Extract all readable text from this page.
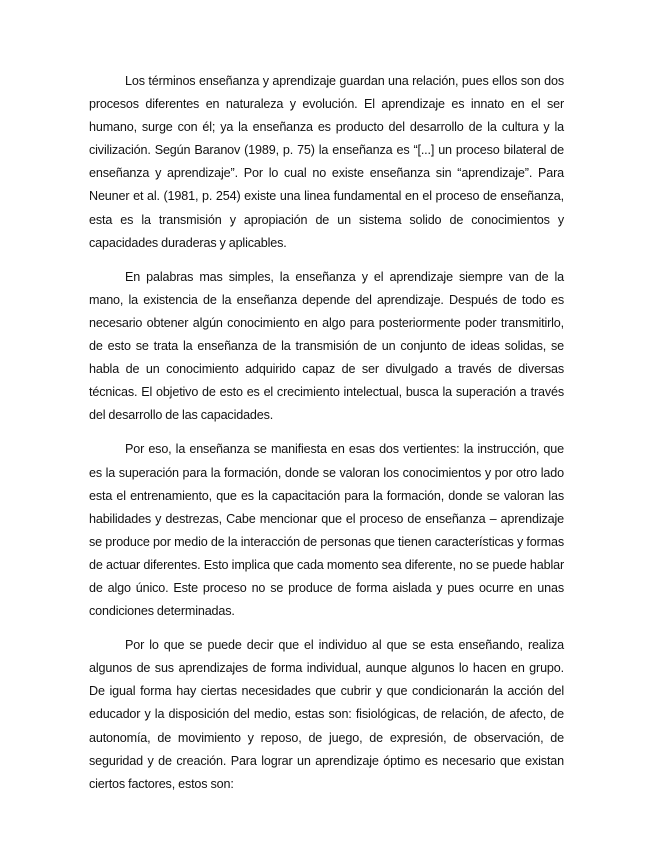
Los términos enseñanza y aprendizaje guardan una relación, pues ellos son dos procesos diferentes en naturaleza y evolución. El aprendizaje es innato en el ser humano, surge con él; ya la enseñanza es producto del desarrollo de la cultura y la civilización. Según Baranov (1989, p. 75) la enseñanza es “[...] un proceso bilateral de enseñanza y aprendizaje”. Por lo cual no existe enseñanza sin “aprendizaje”. Para Neuner et al. (1981, p. 254) existe una linea fundamental en el proceso de enseñanza, esta es la transmisión y apropiación de un sistema solido de conocimientos y capacidades duraderas y aplicables.

En palabras mas simples, la enseñanza y el aprendizaje siempre van de la mano, la existencia de la enseñanza depende del aprendizaje. Después de todo es necesario obtener algún conocimiento en algo para posteriormente poder transmitirlo, de esto se trata la enseñanza de la transmisión de un conjunto de ideas solidas, se habla de un conocimiento adquirido capaz de ser divulgado a través de diversas técnicas. El objetivo de esto es el crecimiento intelectual, busca la superación a través del desarrollo de las capacidades.

Por eso, la enseñanza se manifiesta en esas dos vertientes: la instrucción, que es la superación para la formación, donde se valoran los conocimientos y por otro lado esta el entrenamiento, que es la capacitación para la formación, donde se valoran las habilidades y destrezas, Cabe mencionar que el proceso de enseñanza – aprendizaje se produce por medio de la interacción de personas que tienen características y formas de actuar diferentes. Esto implica que cada momento sea diferente, no se puede hablar de algo único. Este proceso no se produce de forma aislada y pues ocurre en unas condiciones determinadas.

Por lo que se puede decir que el individuo al que se esta enseñando, realiza algunos de sus aprendizajes de forma individual, aunque algunos lo hacen en grupo. De igual forma hay ciertas necesidades que cubrir y que condicionarán la acción del educador y la disposición del medio, estas son: fisiológicas, de relación, de afecto, de autonomía, de movimiento y reposo, de juego, de expresión, de observación, de seguridad y de creación. Para lograr un aprendizaje óptimo es necesario que existan ciertos factores, estos son:
